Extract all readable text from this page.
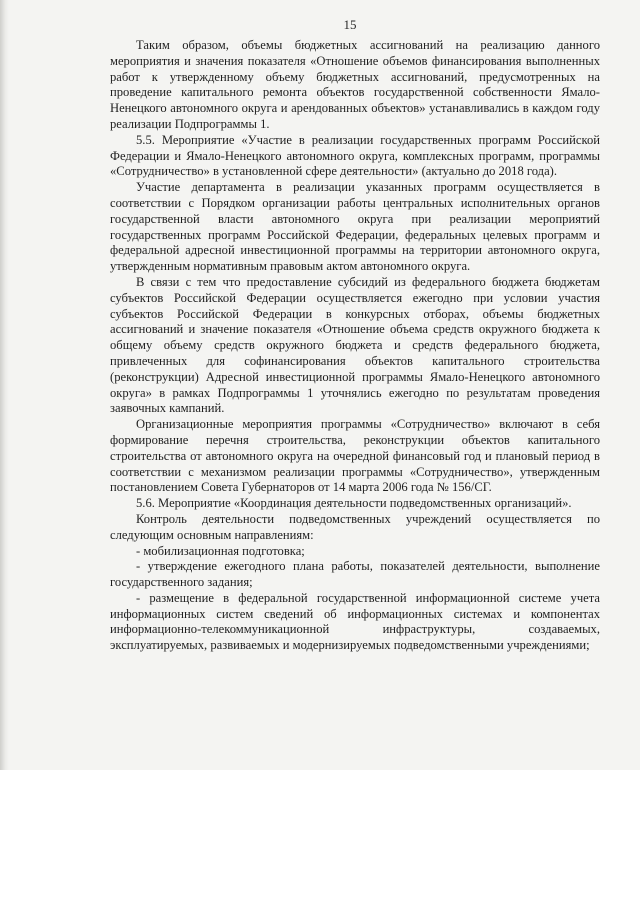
15

Таким образом, объемы бюджетных ассигнований на реализацию данного мероприятия и значения показателя «Отношение объемов финансирования выполненных работ к утвержденному объему бюджетных ассигнований, предусмотренных на проведение капитального ремонта объектов государственной собственности Ямало-Ненецкого автономного округа и арендованных объектов» устанавливались в каждом году реализации Подпрограммы 1.

5.5. Мероприятие «Участие в реализации государственных программ Российской Федерации и Ямало-Ненецкого автономного округа, комплексных программ, программы «Сотрудничество» в установленной сфере деятельности» (актуально до 2018 года).

Участие департамента в реализации указанных программ осуществляется в соответствии с Порядком организации работы центральных исполнительных органов государственной власти автономного округа при реализации мероприятий государственных программ Российской Федерации, федеральных целевых программ и федеральной адресной инвестиционной программы на территории автономного округа, утвержденным нормативным правовым актом автономного округа.

В связи с тем что предоставление субсидий из федерального бюджета бюджетам субъектов Российской Федерации осуществляется ежегодно при условии участия субъектов Российской Федерации в конкурсных отборах, объемы бюджетных ассигнований и значение показателя «Отношение объема средств окружного бюджета к общему объему средств окружного бюджета и средств федерального бюджета, привлеченных для софинансирования объектов капитального строительства (реконструкции) Адресной инвестиционной программы Ямало-Ненецкого автономного округа» в рамках Подпрограммы 1 уточнялись ежегодно по результатам проведения заявочных кампаний.

Организационные мероприятия программы «Сотрудничество» включают в себя формирование перечня строительства, реконструкции объектов капитального строительства от автономного округа на очередной финансовый год и плановый период в соответствии с механизмом реализации программы «Сотрудничество», утвержденным постановлением Совета Губернаторов от 14 марта 2006 года № 156/СГ.

5.6. Мероприятие «Координация деятельности подведомственных организаций».

Контроль деятельности подведомственных учреждений осуществляется по следующим основным направлениям:

- мобилизационная подготовка;

- утверждение ежегодного плана работы, показателей деятельности, выполнение государственного задания;

- размещение в федеральной государственной информационной системе учета информационных систем сведений об информационных системах и компонентах информационно-телекоммуникационной инфраструктуры, создаваемых, эксплуатируемых, развиваемых и модернизируемых подведомственными учреждениями;
